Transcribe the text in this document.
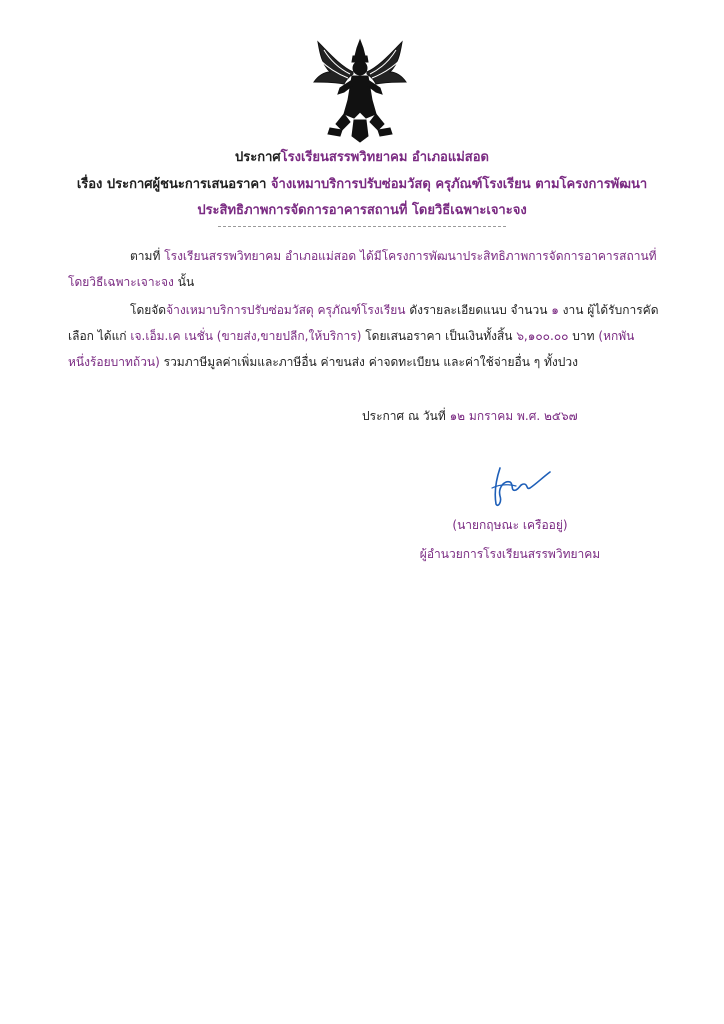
ประกาศโรงเรียนสรรพวิทยาคม อำเภอแม่สอด
เรื่อง ประกาศผู้ชนะการเสนอราคา จ้างเหมาบริการปรับซ่อมวัสดุ ครุภัณฑ์โรงเรียน ตามโครงการพัฒนา
ประสิทธิภาพการจัดการอาคารสถานที่ โดยวิธีเฉพาะเจาะจง
ตามที่ โรงเรียนสรรพวิทยาคม อำเภอแม่สอด ได้มีโครงการพัฒนาประสิทธิภาพการจัดการอาคารสถานที่
โดยวิธีเฉพาะเจาะจง นั้น
โดยจัดจ้างเหมาบริการปรับซ่อมวัสดุ ครุภัณฑ์โรงเรียน ดังรายละเอียดแนบ จำนวน ๑ งาน ผู้ได้รับการคัด
เลือก ได้แก่ เจ.เอ็ม.เค เนชั่น (ขายส่ง,ขายปลีก,ให้บริการ) โดยเสนอราคา เป็นเงินทั้งสิ้น ๖,๑๐๐.๐๐ บาท (หกพัน
หนึ่งร้อยบาทถ้วน) รวมภาษีมูลค่าเพิ่มและภาษีอื่น ค่าขนส่ง ค่าจดทะเบียน และค่าใช้จ่ายอื่น ๆ ทั้งปวง
ประกาศ ณ วันที่ ๑๒ มกราคม พ.ศ. ๒๕๖๗
(นายกฤษณะ เครืออยู่)
ผู้อำนวยการโรงเรียนสรรพวิทยาคม
